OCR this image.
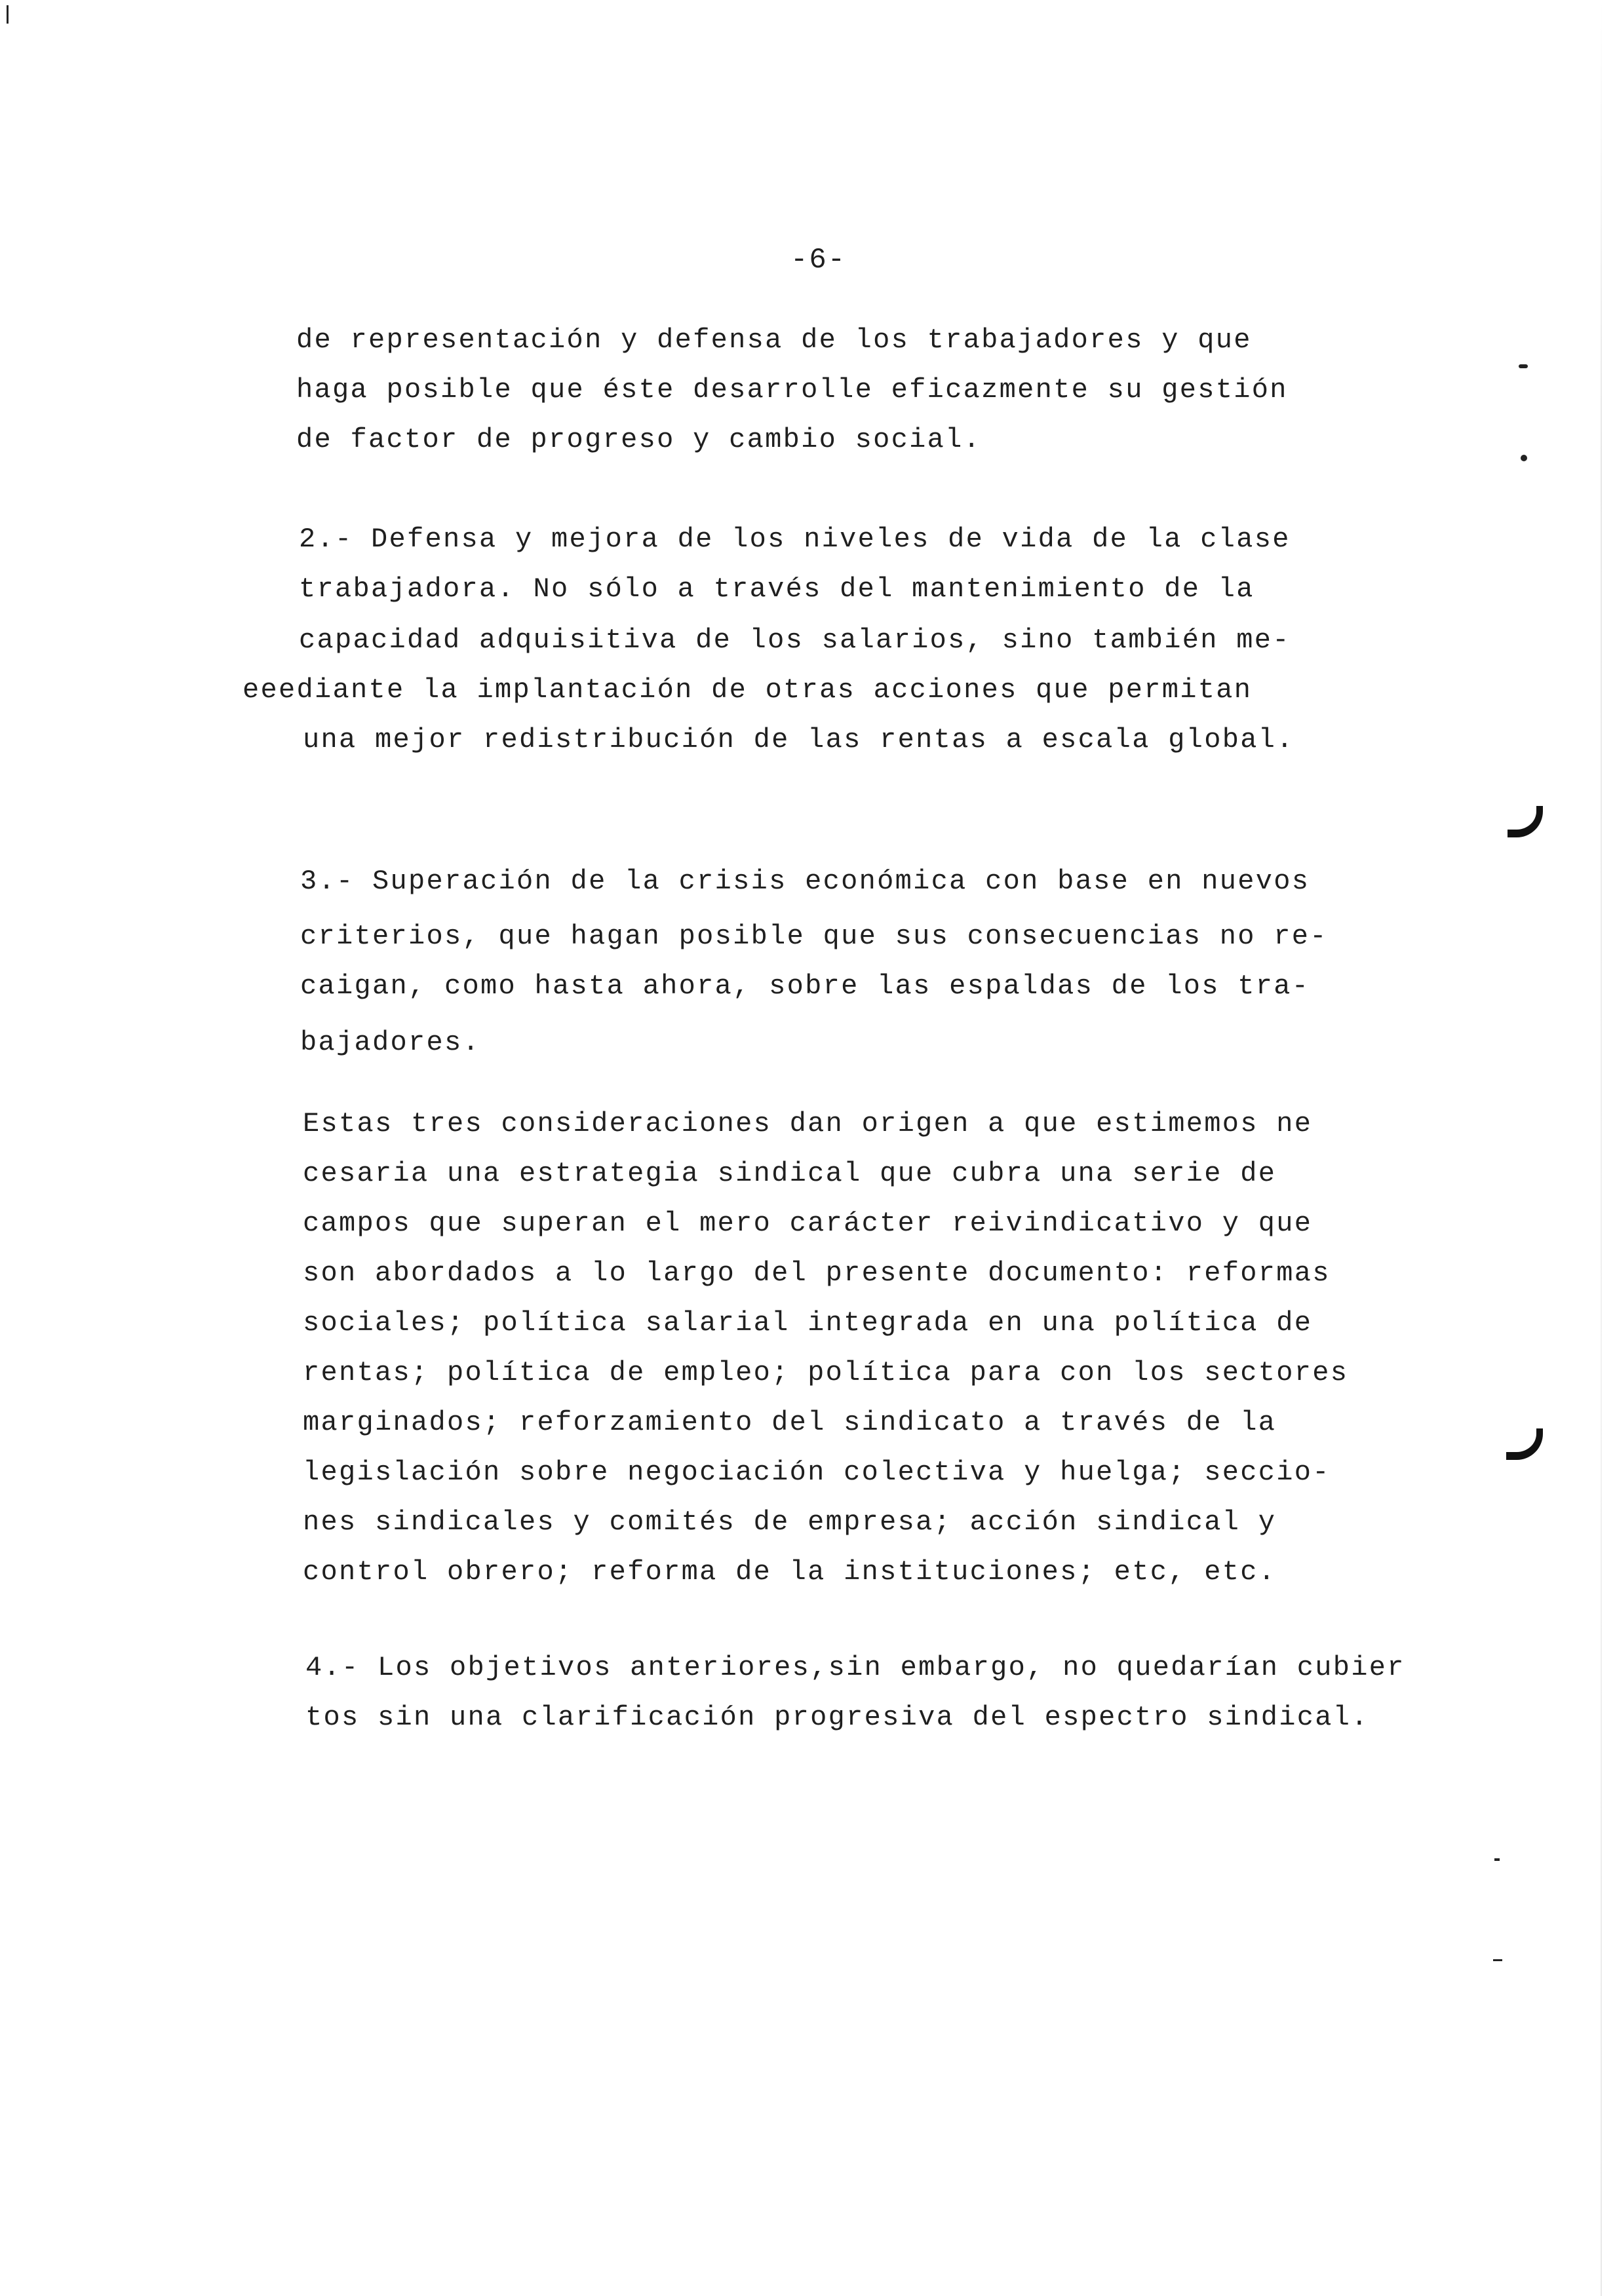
-6-
de representación y defensa de los trabajadores y que
haga posible que éste desarrolle eficazmente su gestión
de factor de progreso y cambio social.
2.- Defensa y mejora de los niveles de vida de la clase
trabajadora. No sólo a través del mantenimiento de la
capacidad adquisitiva de los salarios, sino también me-
eeediante la implantación de otras acciones que permitan
una mejor redistribución de las rentas a escala global.
3.- Superación de la crisis económica con base en nuevos
criterios, que hagan posible que sus consecuencias no re-
caigan, como hasta ahora, sobre las espaldas de los tra-
bajadores.
Estas tres consideraciones dan origen a que estimemos ne
cesaria una estrategia sindical que cubra una serie de
campos que superan el mero carácter reivindicativo y que
son abordados a lo largo del presente documento: reformas
sociales; política salarial integrada en una política de
rentas; política de empleo; política para con los sectores
marginados; reforzamiento del sindicato a través de la
legislación sobre negociación colectiva y huelga; seccio-
nes sindicales y comités de empresa; acción sindical y
control obrero; reforma de la instituciones; etc, etc.
4.- Los objetivos anteriores,sin embargo, no quedarían cubier
tos sin una clarificación progresiva del espectro sindical.
